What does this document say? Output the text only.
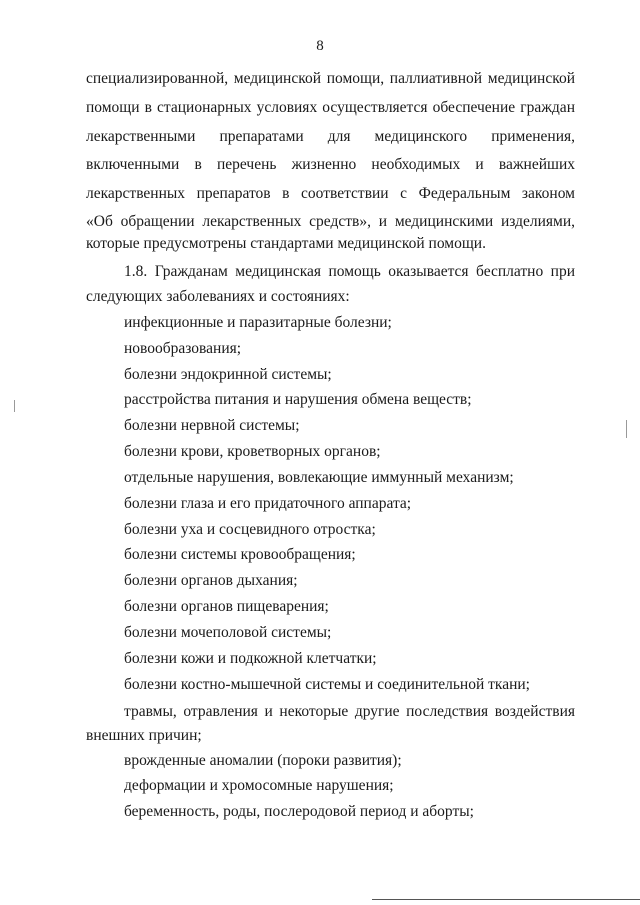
8
специализированной, медицинской помощи, паллиативной медицинской
помощи в стационарных условиях осуществляется обеспечение граждан
лекарственными препаратами для медицинского применения,
включенными в перечень жизненно необходимых и важнейших
лекарственных препаратов в соответствии с Федеральным законом
«Об обращении лекарственных средств», и медицинскими изделиями,
которые предусмотрены стандартами медицинской помощи.
1.8. Гражданам медицинская помощь оказывается бесплатно при
следующих заболеваниях и состояниях:
инфекционные и паразитарные болезни;
новообразования;
болезни эндокринной системы;
расстройства питания и нарушения обмена веществ;
болезни нервной системы;
болезни крови, кроветворных органов;
отдельные нарушения, вовлекающие иммунный механизм;
болезни глаза и его придаточного аппарата;
болезни уха и сосцевидного отростка;
болезни системы кровообращения;
болезни органов дыхания;
болезни органов пищеварения;
болезни мочеполовой системы;
болезни кожи и подкожной клетчатки;
болезни костно-мышечной системы и соединительной ткани;
травмы, отравления и некоторые другие последствия воздействия
внешних причин;
врожденные аномалии (пороки развития);
деформации и хромосомные нарушения;
беременность, роды, послеродовой период и аборты;
